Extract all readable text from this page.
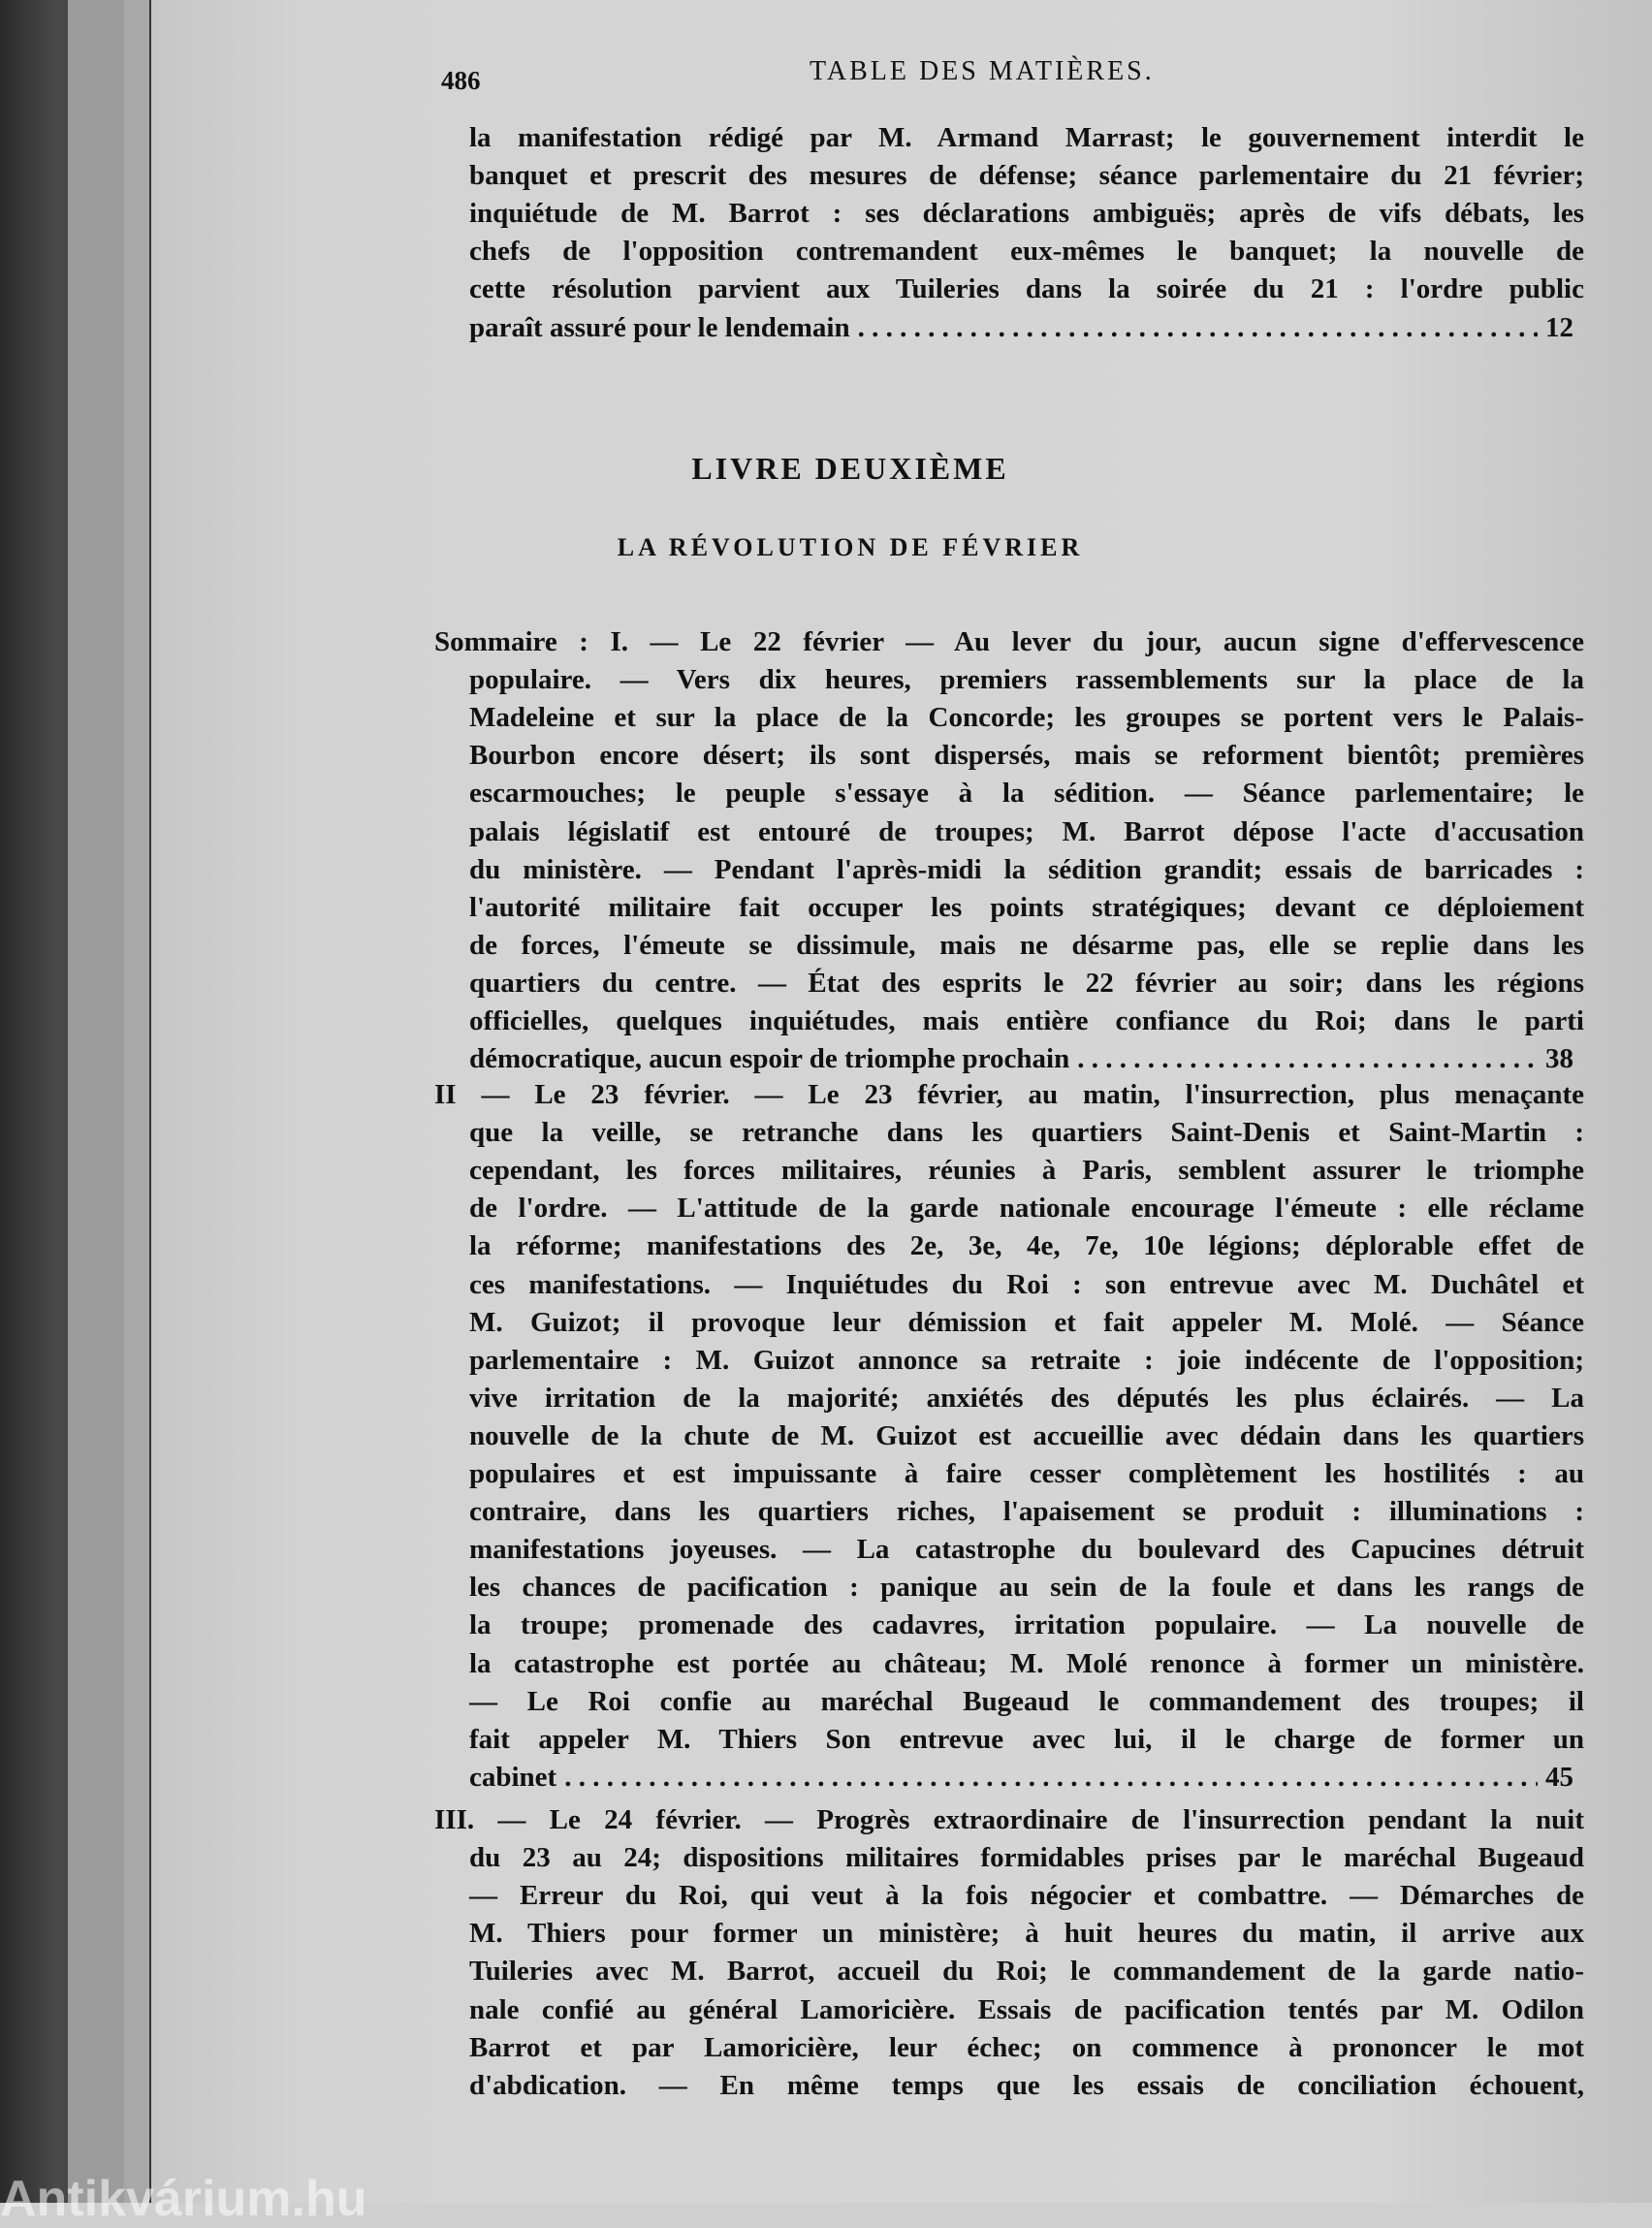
486	TABLE DES MATIÈRES.
la manifestation rédigé par M. Armand Marrast; le gouvernement interdit le
banquet et prescrit des mesures de défense; séance parlementaire du 21 février;
inquiétude de M. Barrot : ses déclarations ambiguës; après de vifs débats, les
chefs de l'opposition contremandent eux-mêmes le banquet; la nouvelle de
cette résolution parvient aux Tuileries dans la soirée du 21 : l'ordre public
paraît assuré pour le lendemain . . .	12
Sommaire : I. — Le 22 février — Au lever du jour, aucun signe d'effervescence
populaire. — Vers dix heures, premiers rassemblements sur la place de la
Madeleine et sur la place de la Concorde; les groupes se portent vers le Palais-
Bourbon encore désert; ils sont dispersés, mais se reforment bientôt; premières
escarmouches; le peuple s'essaye à la sédition. — Séance parlementaire; le
palais législatif est entouré de troupes; M. Barrot dépose l'acte d'accusation
du ministère. — Pendant l'après-midi la sédition grandit; essais de barricades :
l'autorité militaire fait occuper les points stratégiques; devant ce déploiement
de forces, l'émeute se dissimule, mais ne désarme pas, elle se replie dans les
quartiers du centre. — État des esprits le 22 février au soir; dans les régions
officielles, quelques inquiétudes, mais entière confiance du Roi; dans le parti
démocratique, aucun espoir de triomphe prochain . . .	38
II — Le 23 février. — Le 23 février, au matin, l'insurrection, plus menaçante
que la veille, se retranche dans les quartiers Saint-Denis et Saint-Martin :
cependant, les forces militaires, réunies à Paris, semblent assurer le triomphe
de l'ordre. — L'attitude de la garde nationale encourage l'émeute : elle réclame
la réforme; manifestations des 2e, 3e, 4e, 7e, 10e légions; déplorable effet de
ces manifestations. — Inquiétudes du Roi : son entrevue avec M. Duchâtel et
M. Guizot; il provoque leur démission et fait appeler M. Molé. — Séance
parlementaire : M. Guizot annonce sa retraite : joie indécente de l'opposition;
vive irritation de la majorité; anxiétés des députés les plus éclairés. — La
nouvelle de la chute de M. Guizot est accueillie avec dédain dans les quartiers
populaires et est impuissante à faire cesser complètement les hostilités : au
contraire, dans les quartiers riches, l'apaisement se produit : illuminations :
manifestations joyeuses. — La catastrophe du boulevard des Capucines détruit
les chances de pacification : panique au sein de la foule et dans les rangs de
la troupe; promenade des cadavres, irritation populaire. — La nouvelle de
la catastrophe est portée au château; M. Molé renonce à former un ministère.
— Le Roi confie au maréchal Bugeaud le commandement des troupes; il
fait appeler M. Thiers Son entrevue avec lui, il le charge de former un
cabinet . . .	45
III. — Le 24 février. — Progrès extraordinaire de l'insurrection pendant la nuit
du 23 au 24; dispositions militaires formidables prises par le maréchal Bugeaud
— Erreur du Roi, qui veut à la fois négocier et combattre. — Démarches de
M. Thiers pour former un ministère; à huit heures du matin, il arrive aux
Tuileries avec M. Barrot, accueil du Roi; le commandement de la garde natio-
nale confié au général Lamoricière. Essais de pacification tentés par M. Odilon
Barrot et par Lamoricière, leur échec; on commence à prononcer le mot
d'abdication. — En même temps que les essais de conciliation échouent,
LIVRE DEUXIÈME
LA RÉVOLUTION DE FÉVRIER
Antikvárium.hu
